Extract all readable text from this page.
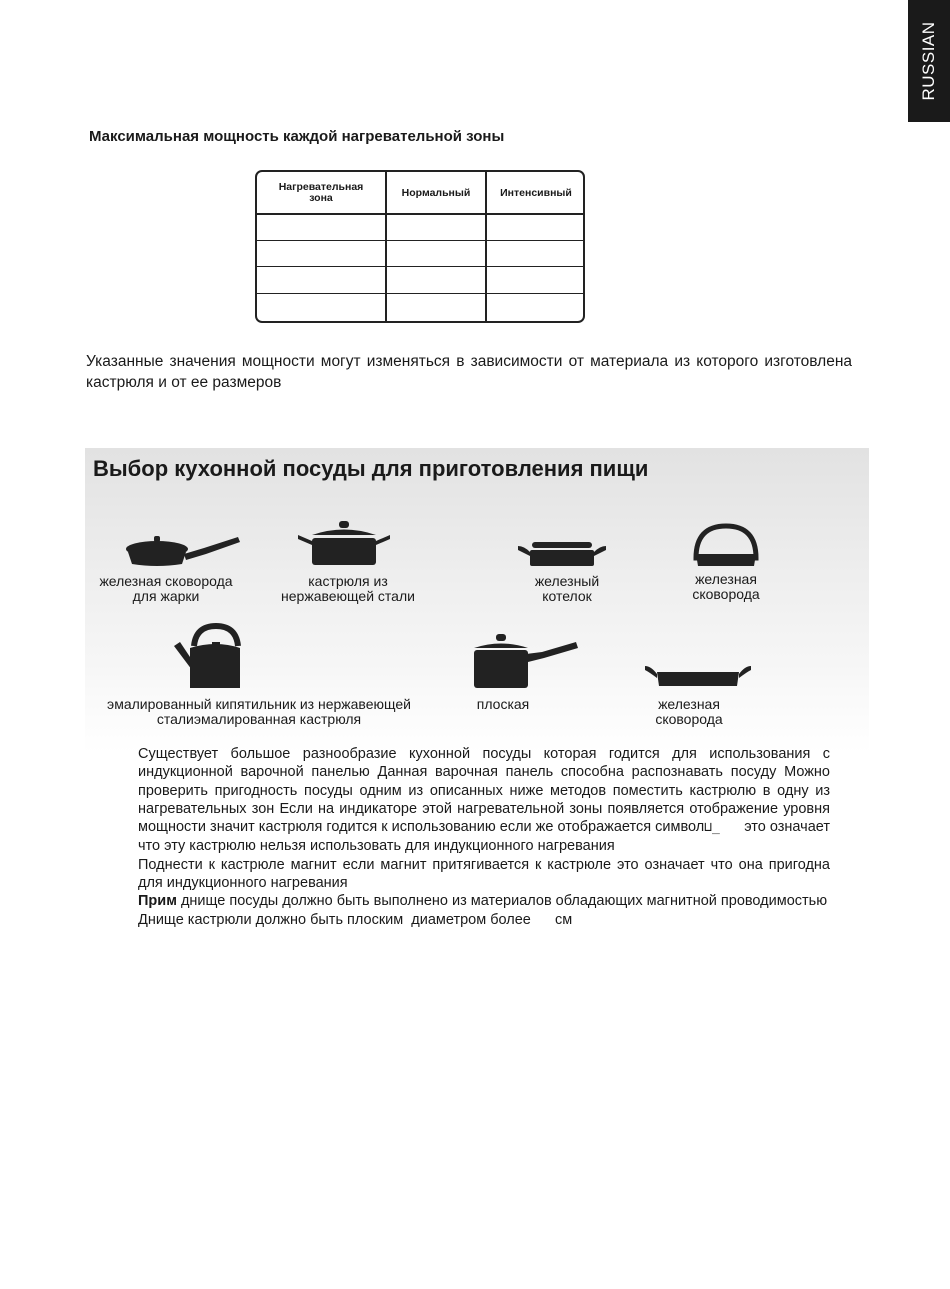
RUSSIAN
Максимальная мощность каждой нагревательной зоны
Нагревательная
зона	Нормальный	Интенсивный
Указанные значения мощности могут изменяться в зависимости от материала из которого изготовлена кастрюля и от ее размеров
Выбор кухонной посуды для приготовления пищи
железная сковорода
для жарки
кастрюля из
нержавеющей стали
железный
котелок
железная
сковорода
эмалированный кипятильник из нержавеющей
сталиэмалированная кастрюля
плоская	железная
сковорода

Существует большое разнообразие кухонной посуды которая годится для использования с индукционной варочной панелью Данная варочная панель способна распознавать посуду Можно проверить пригодность посуды одним из описанных ниже методов поместить кастрюлю в одну из нагревательных зон Если на индикаторе этой нагревательной зоны появляется отображение уровня мощности значит кастрюля годится к использованию если же отображается символ⊔̲ это означает что эту кастрюлю нельзя использовать для индукционного нагревания

Поднести к кастрюле магнит если магнит притягивается к кастрюле это означает что она пригодна для индукционного нагревания

Прим днище посуды должно быть выполнено из материалов обладающих магнитной проводимостью

Днище кастрюли должно быть плоским  диаметром более      см
